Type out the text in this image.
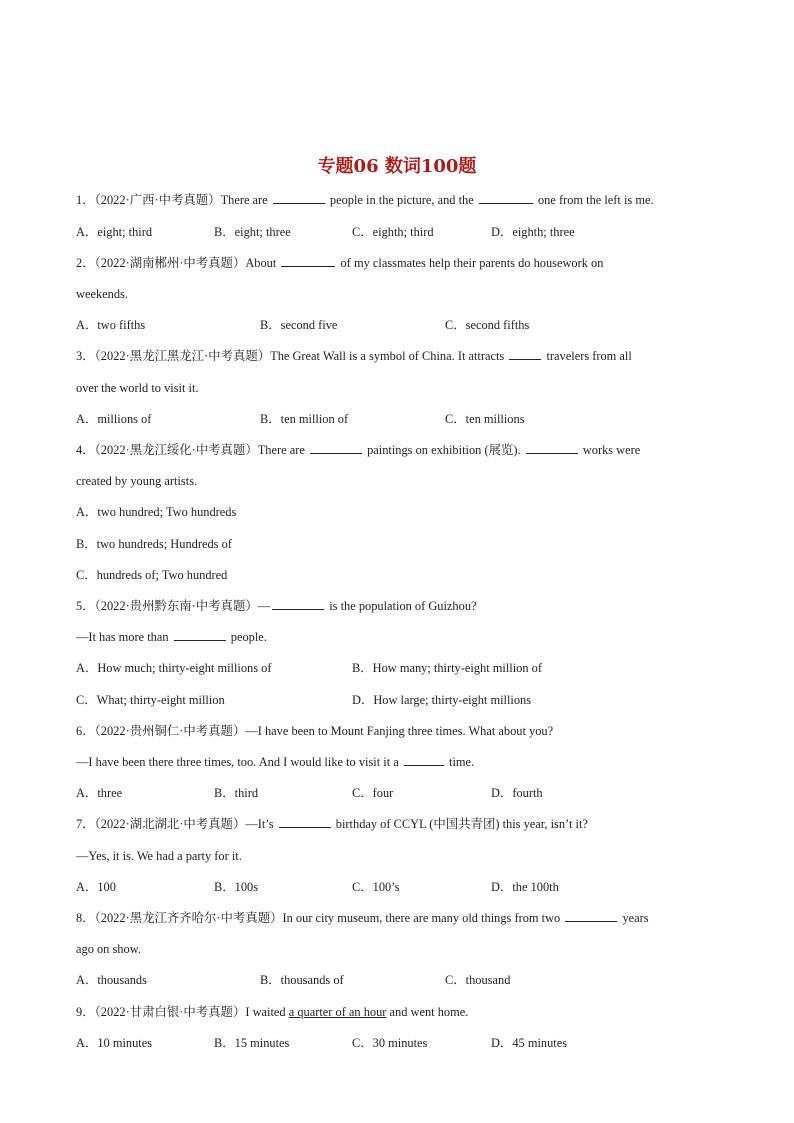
专题06 数词100题
1．（2022·广西·中考真题）There are	people in the picture, and the	one from the left is me.
A．eight; third	B．eight; three	C．eighth; third	D．eighth; three
2．（2022·湖南郴州·中考真题）About	of my classmates help their parents do housework on
weekends.
A．two fifths	B．second five	C．second fifths
3．（2022·黑龙江黑龙江·中考真题）The Great Wall is a symbol of China. It attracts	travelers from all
over the world to visit it.
A．millions of	B．ten million of	C．ten millions
4．（2022·黑龙江绥化·中考真题）There are	paintings on exhibition (展览).	works were
created by young artists.
A．two hundred; Two hundreds
B．two hundreds; Hundreds of
C．hundreds of; Two hundred
5．（2022·贵州黔东南·中考真题）—	is the population of Guizhou?
—It has more than	people.
A．How much; thirty-eight millions of	B．How many; thirty-eight million of
C．What; thirty-eight million	D．How large; thirty-eight millions
6．（2022·贵州铜仁·中考真题）—I have been to Mount Fanjing three times. What about you?
—I have been there three times, too. And I would like to visit it a	time.
A．three	B．third	C．four	D．fourth
7．（2022·湖北湖北·中考真题）—It’s	birthday of CCYL (中国共青团) this year, isn’t it?
—Yes, it is. We had a party for it.
A．100	B．100s	C．100’s	D．the 100th
8．（2022·黑龙江齐齐哈尔·中考真题）In our city museum, there are many old things from two	years
ago on show.
A．thousands	B．thousands of	C．thousand
9．（2022·甘肃白银·中考真题）I waited a quarter of an hour and went home.
A．10 minutes	B．15 minutes	C．30 minutes	D．45 minutes
